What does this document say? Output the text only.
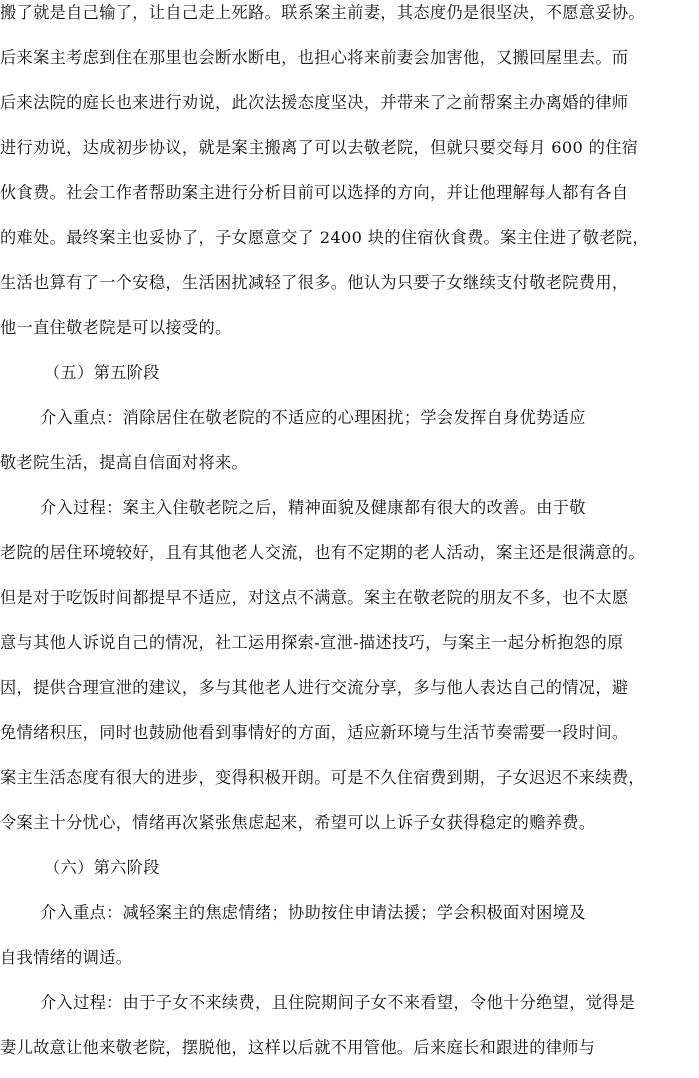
搬了就是自己输了，让自己走上死路。联系案主前妻，其态度仍是很坚决，不愿意妥协。
后来案主考虑到住在那里也会断水断电，也担心将来前妻会加害他，又搬回屋里去。而
后来法院的庭长也来进行劝说，此次法援态度坚决，并带来了之前帮案主办离婚的律师
进行劝说，达成初步协议，就是案主搬离了可以去敬老院，但就只要交每月 600 的住宿
伙食费。社会工作者帮助案主进行分析目前可以选择的方向，并让他理解每人都有各自
的难处。最终案主也妥协了，子女愿意交了 2400 块的住宿伙食费。案主住进了敬老院，
生活也算有了一个安稳，生活困扰减轻了很多。他认为只要子女继续支付敬老院费用，
他一直住敬老院是可以接受的。
（五）第五阶段
介入重点：消除居住在敬老院的不适应的心理困扰；学会发挥自身优势适应
敬老院生活，提高自信面对将来。
介入过程：案主入住敬老院之后，精神面貌及健康都有很大的改善。由于敬
老院的居住环境较好，且有其他老人交流，也有不定期的老人活动，案主还是很满意的。
但是对于吃饭时间都提早不适应，对这点不满意。案主在敬老院的朋友不多，也不太愿
意与其他人诉说自己的情况，社工运用探索-宣泄-描述技巧，与案主一起分析抱怨的原
因，提供合理宣泄的建议，多与其他老人进行交流分享，多与他人表达自己的情况，避
免情绪积压，同时也鼓励他看到事情好的方面，适应新环境与生活节奏需要一段时间。
案主生活态度有很大的进步，变得积极开朗。可是不久住宿费到期，子女迟迟不来续费，
令案主十分忧心，情绪再次紧张焦虑起来，希望可以上诉子女获得稳定的赡养费。
（六）第六阶段
介入重点：减轻案主的焦虑情绪；协助按住申请法援；学会积极面对困境及
自我情绪的调适。
介入过程：由于子女不来续费，且住院期间子女不来看望，令他十分绝望，觉得是
妻儿故意让他来敬老院，摆脱他，这样以后就不用管他。后来庭长和跟进的律师与
